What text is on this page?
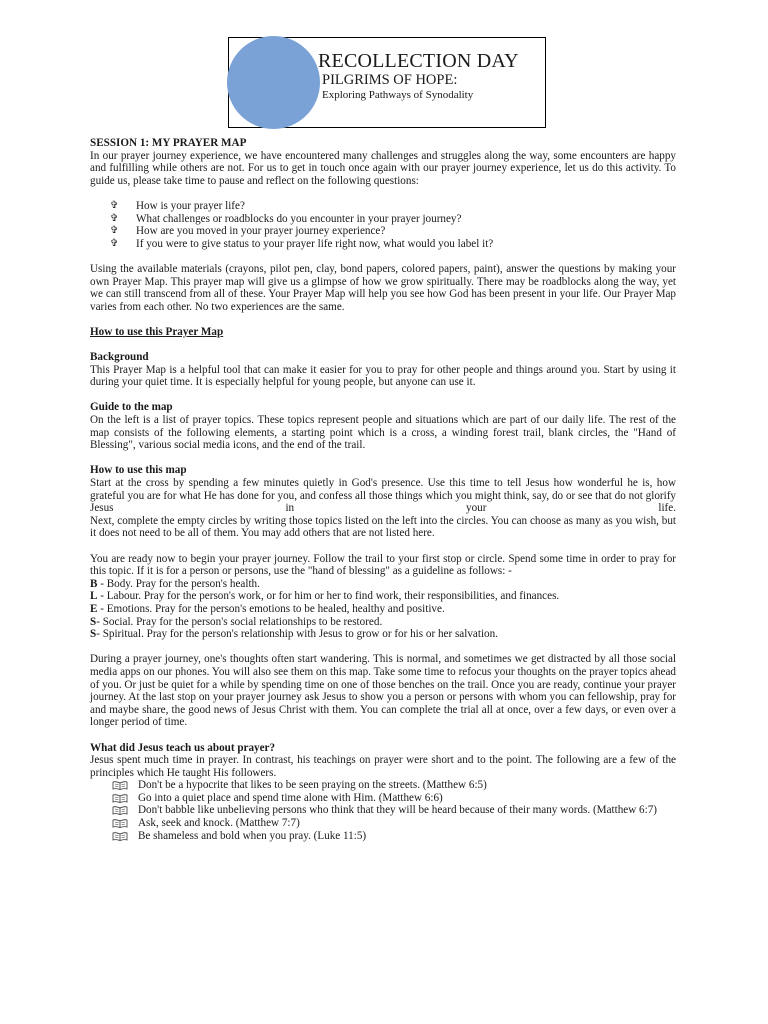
RECOLLECTION DAY
PILGRIMS OF HOPE:
Exploring Pathways of Synodality

SESSION 1: MY PRAYER MAP

In our prayer journey experience, we have encountered many challenges and struggles along the way, some encounters are happy and fulfilling while others are not. For us to get in touch once again with our prayer journey experience, let us do this activity. To guide us, please take time to pause and reflect on the following questions:

✞ How is your prayer life?
✞ What challenges or roadblocks do you encounter in your prayer journey?
✞ How are you moved in your prayer journey experience?
✞ If you were to give status to your prayer life right now, what would you label it?

Using the available materials (crayons, pilot pen, clay, bond papers, colored papers, paint), answer the questions by making your own Prayer Map. This prayer map will give us a glimpse of how we grow spiritually. There may be roadblocks along the way, yet we can still transcend from all of these. Your Prayer Map will help you see how God has been present in your life. Our Prayer Map varies from each other. No two experiences are the same.

How to use this Prayer Map

Background

This Prayer Map is a helpful tool that can make it easier for you to pray for other people and things around you. Start by using it during your quiet time. It is especially helpful for young people, but anyone can use it.

Guide to the map

On the left is a list of prayer topics. These topics represent people and situations which are part of our daily life. The rest of the map consists of the following elements, a starting point which is a cross, a winding forest trail, blank circles, the "Hand of Blessing", various social media icons, and the end of the trail.

How to use this map

Start at the cross by spending a few minutes quietly in God's presence. Use this time to tell Jesus how wonderful he is, how grateful you are for what He has done for you, and confess all those things which you might think, say, do or see that do not glorify Jesus in your life.

Next, complete the empty circles by writing those topics listed on the left into the circles. You can choose as many as you wish, but it does not need to be all of them. You may add others that are not listed here.

You are ready now to begin your prayer journey. Follow the trail to your first stop or circle. Spend some time in order to pray for this topic. If it is for a person or persons, use the "hand of blessing" as a guideline as follows: -

B - Body. Pray for the person's health.

L - Labour. Pray for the person's work, or for him or her to find work, their responsibilities, and finances.

E - Emotions. Pray for the person's emotions to be healed, healthy and positive.

S- Social. Pray for the person's social relationships to be restored.

S- Spiritual. Pray for the person's relationship with Jesus to grow or for his or her salvation.

During a prayer journey, one's thoughts often start wandering. This is normal, and sometimes we get distracted by all those social media apps on our phones. You will also see them on this map. Take some time to refocus your thoughts on the prayer topics ahead of you. Or just be quiet for a while by spending time on one of those benches on the trail. Once you are ready, continue your prayer journey. At the last stop on your prayer journey ask Jesus to show you a person or persons with whom you can fellowship, pray for and maybe share, the good news of Jesus Christ with them. You can complete the trial all at once, over a few days, or even over a longer period of time.

What did Jesus teach us about prayer?

Jesus spent much time in prayer. In contrast, his teachings on prayer were short and to the point. The following are a few of the principles which He taught His followers.

Don't be a hypocrite that likes to be seen praying on the streets. (Matthew 6:5)
Go into a quiet place and spend time alone with Him. (Matthew 6:6)
Don't babble like unbelieving persons who think that they will be heard because of their many words. (Matthew 6:7)
Ask, seek and knock. (Matthew 7:7)
Be shameless and bold when you pray. (Luke 11:5)
